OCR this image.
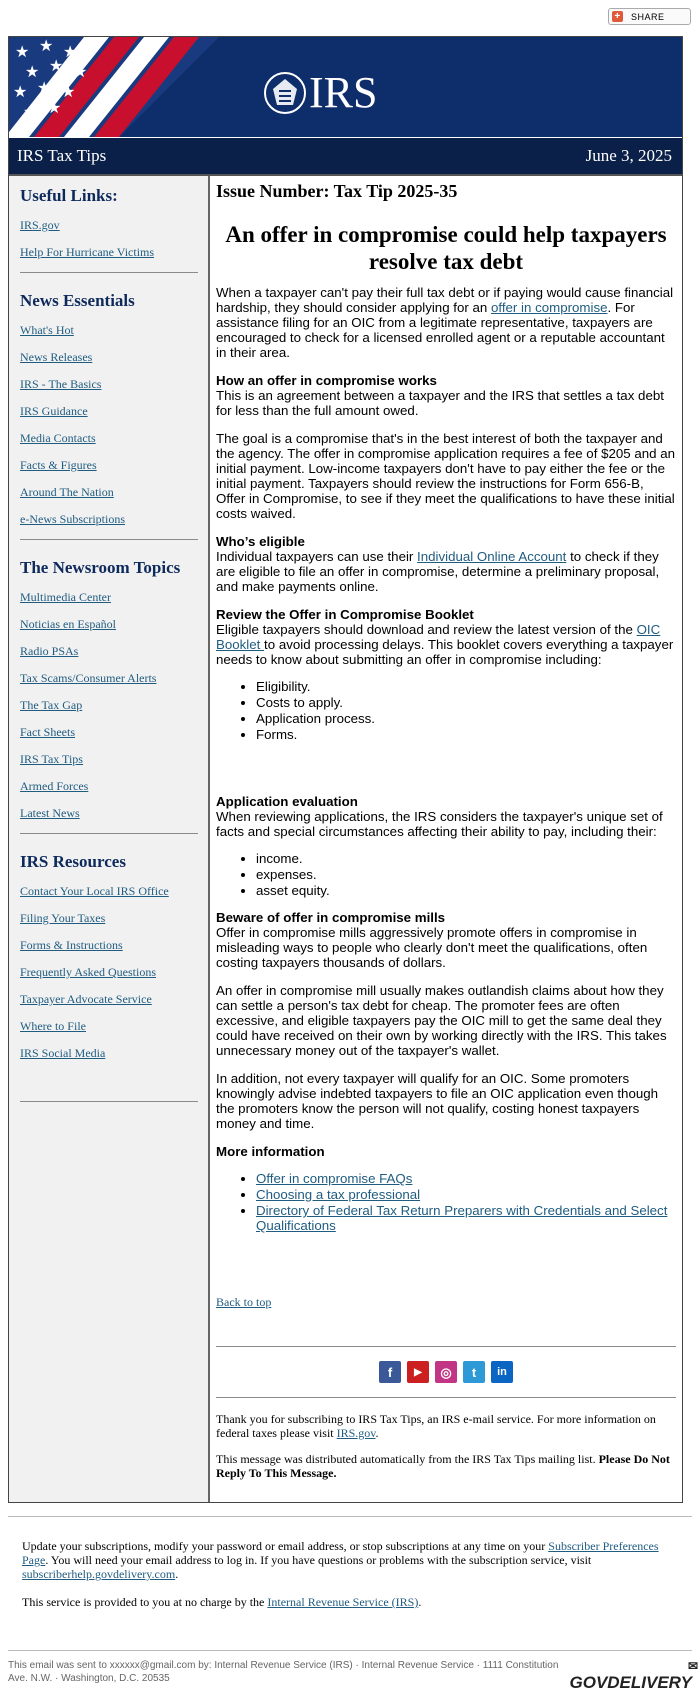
+ SHARE
★ ★ ★ ★
★ ★ ★
★ ★ ★
★ ★	IRS
IRS Tax Tips	June 3, 2025
Useful Links:
IRS.gov
Help For Hurricane Victims
News Essentials
What's Hot
News Releases
IRS - The Basics
IRS Guidance
Media Contacts
Facts & Figures
Around The Nation
e-News Subscriptions
The Newsroom Topics
Multimedia Center
Noticias en Español
Radio PSAs
Tax Scams/Consumer Alerts
The Tax Gap
Fact Sheets
IRS Tax Tips
Armed Forces
Latest News
IRS Resources
Contact Your Local IRS Office
Filing Your Taxes
Forms & Instructions
Frequently Asked Questions
Taxpayer Advocate Service
Where to File
IRS Social Media
Issue Number: Tax Tip 2025-35
An offer in compromise could help taxpayers resolve tax debt

When a taxpayer can't pay their full tax debt or if paying would cause financial hardship, they should consider applying for an offer in compromise. For assistance filing for an OIC from a legitimate representative, taxpayers are encouraged to check for a licensed enrolled agent or a reputable accountant in their area.

How an offer in compromise works
This is an agreement between a taxpayer and the IRS that settles a tax debt for less than the full amount owed.

The goal is a compromise that's in the best interest of both the taxpayer and the agency. The offer in compromise application requires a fee of $205 and an initial payment. Low-income taxpayers don't have to pay either the fee or the initial payment. Taxpayers should review the instructions for Form 656-B, Offer in Compromise, to see if they meet the qualifications to have these initial costs waived.

Who’s eligible
Individual taxpayers can use their Individual Online Account to check if they are eligible to file an offer in compromise, determine a preliminary proposal, and make payments online.

Review the Offer in Compromise Booklet
Eligible taxpayers should download and review the latest version of the OIC Booklet to avoid processing delays. This booklet covers everything a taxpayer needs to know about submitting an offer in compromise including:
• Eligibility.
• Costs to apply.
• Application process.
• Forms.
Application evaluation
When reviewing applications, the IRS considers the taxpayer's unique set of facts and special circumstances affecting their ability to pay, including their:
• income.
• expenses.
• asset equity.

Beware of offer in compromise mills
Offer in compromise mills aggressively promote offers in compromise in misleading ways to people who clearly don't meet the qualifications, often costing taxpayers thousands of dollars.

An offer in compromise mill usually makes outlandish claims about how they can settle a person's tax debt for cheap. The promoter fees are often excessive, and eligible taxpayers pay the OIC mill to get the same deal they could have received on their own by working directly with the IRS. This takes unnecessary money out of the taxpayer's wallet.

In addition, not every taxpayer will qualify for an OIC. Some promoters knowingly advise indebted taxpayers to file an OIC application even though the promoters know the person will not qualify, costing honest taxpayers money and time.

More information
• Offer in compromise FAQs
• Choosing a tax professional
• Directory of Federal Tax Return Preparers with Credentials and Select Qualifications
Back to top
f	▶	◎	t	in
Thank you for subscribing to IRS Tax Tips, an IRS e-mail service. For more information on federal taxes please visit IRS.gov.
This message was distributed automatically from the IRS Tax Tips mailing list. Please Do Not Reply To This Message.

Update your subscriptions, modify your password or email address, or stop subscriptions at any time on your Subscriber Preferences Page. You will need your email address to log in. If you have questions or problems with the subscription service, visit subscriberhelp.govdelivery.com.

This service is provided to you at no charge by the Internal Revenue Service (IRS).

This email was sent to xxxxxx@gmail.com by: Internal Revenue Service (IRS) · Internal Revenue Service · 1111 Constitution Ave. N.W. · Washington, D.C. 20535	GOVDELIVERY
✉
